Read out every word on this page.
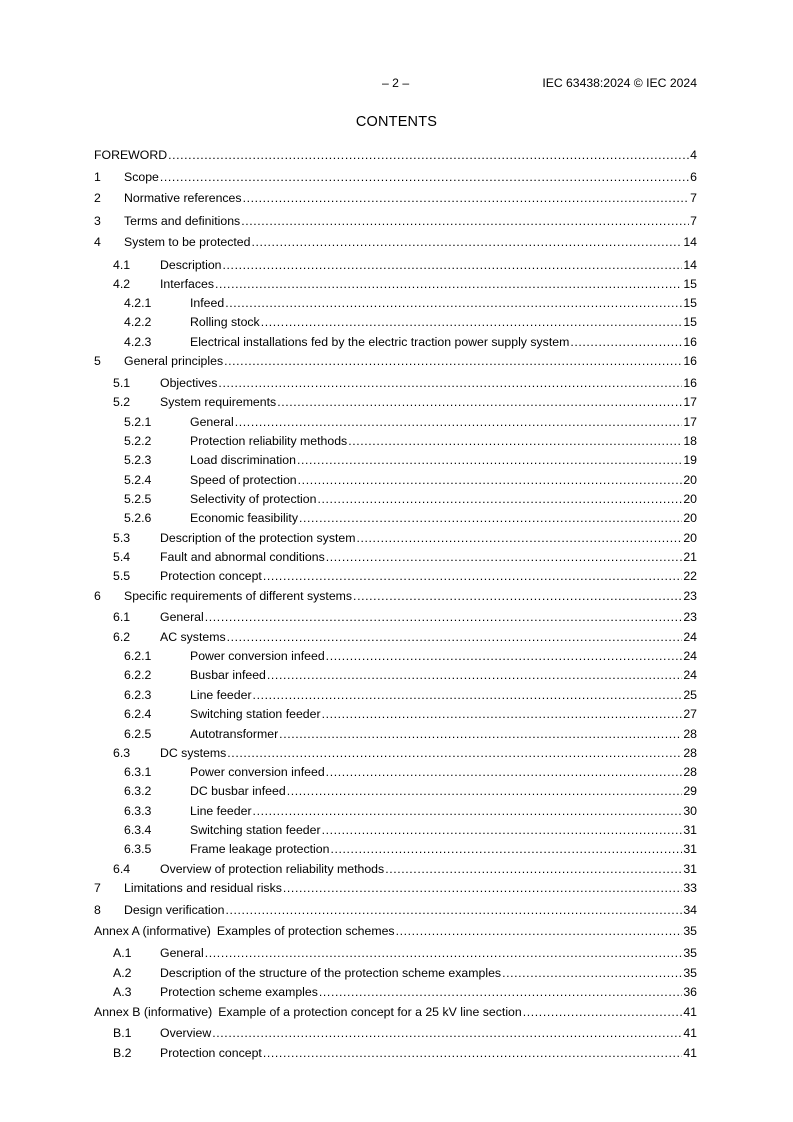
– 2 –	IEC 63438:2024 © IEC 2024
CONTENTS
FOREWORD .....	4
1	Scope .....	6
2	Normative references .....	7
3	Terms and definitions .....	7
4	System to be protected .....	14
4.1	Description .....	14
4.2	Interfaces .....	15
4.2.1	Infeed .....	15
4.2.2	Rolling stock .....	15
4.2.3	Electrical installations fed by the electric traction power supply system .....	16
5	General principles .....	16
5.1	Objectives .....	16
5.2	System requirements .....	17
5.2.1	General .....	17
5.2.2	Protection reliability methods .....	18
5.2.3	Load discrimination .....	19
5.2.4	Speed of protection .....	20
5.2.5	Selectivity of protection .....	20
5.2.6	Economic feasibility .....	20
5.3	Description of the protection system .....	20
5.4	Fault and abnormal conditions .....	21
5.5	Protection concept .....	22
6	Specific requirements of different systems .....	23
6.1	General .....	23
6.2	AC systems .....	24
6.2.1	Power conversion infeed .....	24
6.2.2	Busbar infeed .....	24
6.2.3	Line feeder .....	25
6.2.4	Switching station feeder .....	27
6.2.5	Autotransformer .....	28
6.3	DC systems .....	28
6.3.1	Power conversion infeed .....	28
6.3.2	DC busbar infeed .....	29
6.3.3	Line feeder .....	30
6.3.4	Switching station feeder .....	31
6.3.5	Frame leakage protection .....	31
6.4	Overview of protection reliability methods .....	31
7	Limitations and residual risks .....	33
8	Design verification .....	34
Annex A (informative) Examples of protection schemes .....	35
A.1	General .....	35
A.2	Description of the structure of the protection scheme examples .....	35
A.3	Protection scheme examples .....	36
Annex B (informative) Example of a protection concept for a 25 kV line section .....	41
B.1	Overview .....	41
B.2	Protection concept .....	41
